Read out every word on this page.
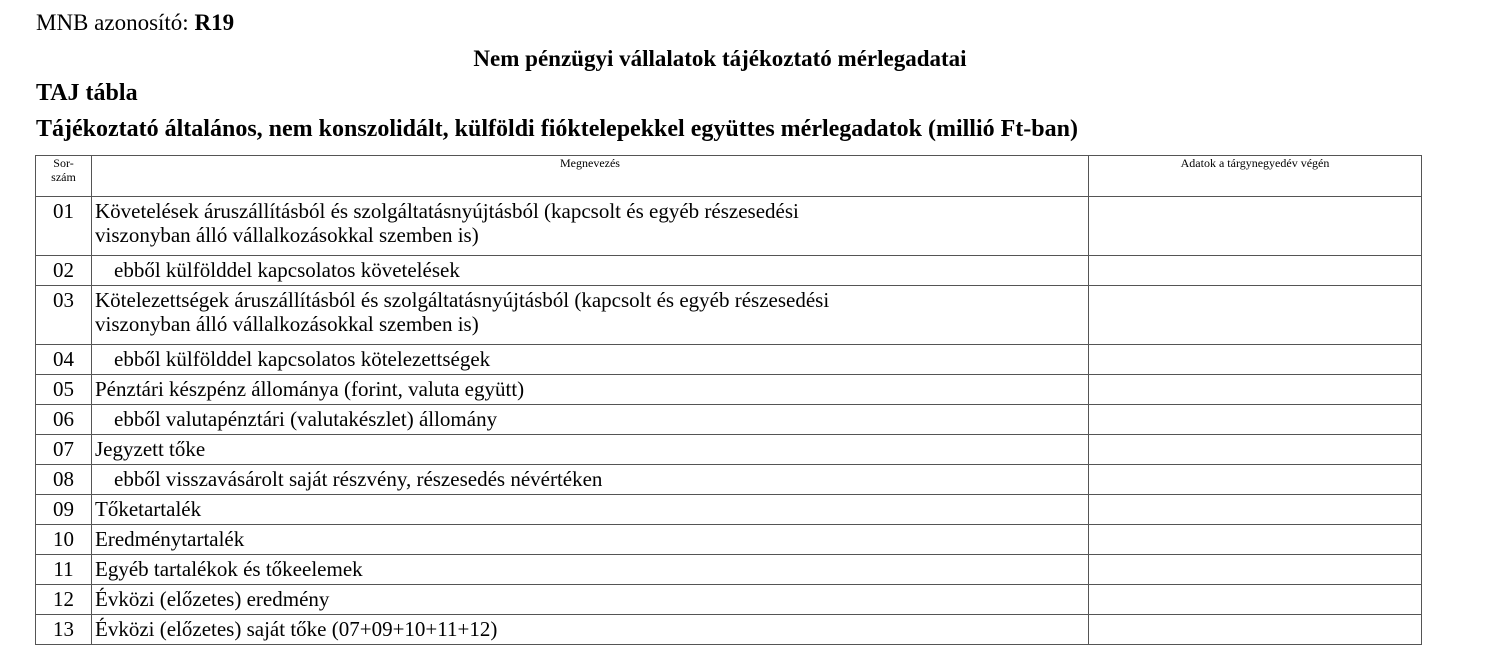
MNB azonosító: R19
Nem pénzügyi vállalatok tájékoztató mérlegadatai
TAJ tábla
Tájékoztató általános, nem konszolidált, külföldi fióktelepekkel együttes mérlegadatok (millió Ft-ban)
Sor-
szám	Megnevezés	Adatok a tárgynegyedév végén
01	Követelések áruszállításból és szolgáltatásnyújtásból (kapcsolt és egyéb részesedési
viszonyban álló vállalkozásokkal szemben is)	
02	ebből külfölddel kapcsolatos követelések	
03	Kötelezettségek áruszállításból és szolgáltatásnyújtásból (kapcsolt és egyéb részesedési
viszonyban álló vállalkozásokkal szemben is)	
04	ebből külfölddel kapcsolatos kötelezettségek	
05	Pénztári készpénz állománya (forint, valuta együtt)	
06	ebből valutapénztári (valutakészlet) állomány	
07	Jegyzett tőke	
08	ebből visszavásárolt saját részvény, részesedés névértéken	
09	Tőketartalék	
10	Eredménytartalék	
11	Egyéb tartalékok és tőkeelemek	
12	Évközi (előzetes) eredmény	
13	Évközi (előzetes) saját tőke (07+09+10+11+12)	
